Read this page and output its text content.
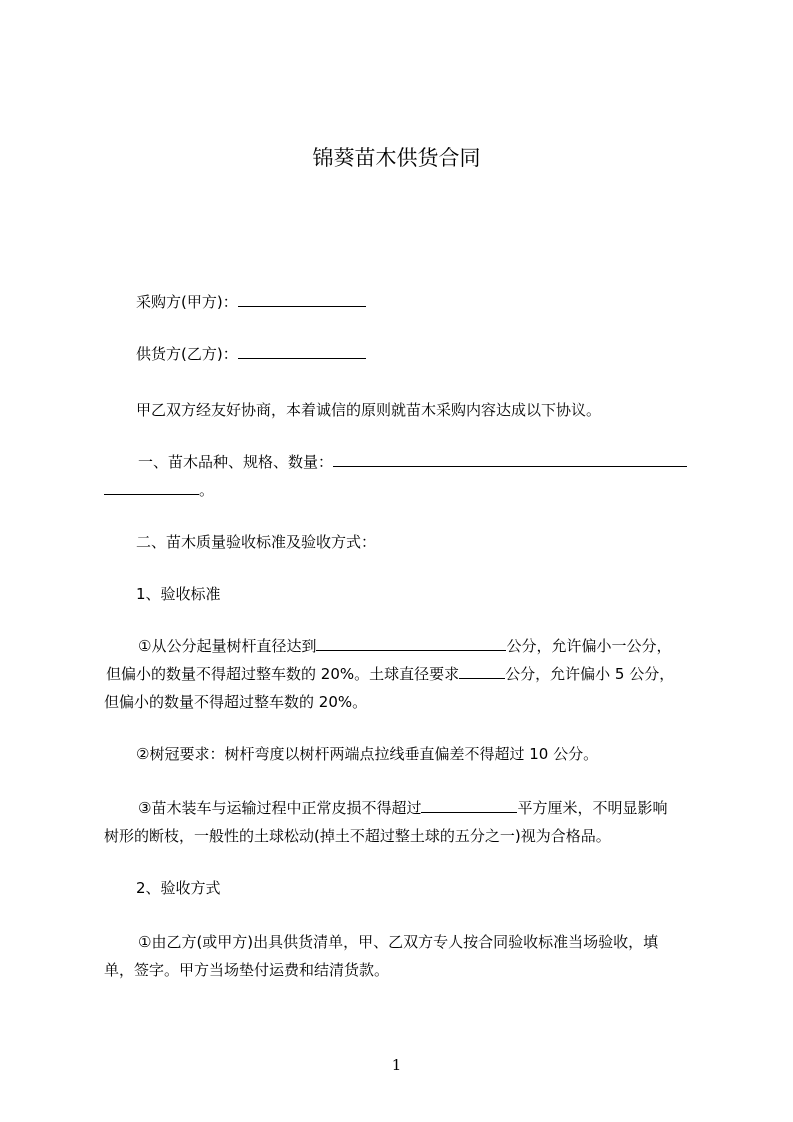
锦葵苗木供货合同
采购方(甲方)：
供货方(乙方)：
甲乙双方经友好协商，本着诚信的原则就苗木采购内容达成以下协议。
一、苗木品种、规格、数量：
。
二、苗木质量验收标准及验收方式：
1、验收标准
①从公分起量树杆直径达到	公分，允许偏小一公分，
但偏小的数量不得超过整车数的 20%。土球直径要求	公分，允许偏小 5 公分，
但偏小的数量不得超过整车数的 20%。
②树冠要求：树杆弯度以树杆两端点拉线垂直偏差不得超过 10 公分。
③苗木装车与运输过程中正常皮损不得超过	平方厘米，不明显影响
树形的断枝，一般性的土球松动(掉土不超过整土球的五分之一)视为合格品。
2、验收方式
①由乙方(或甲方)出具供货清单，甲、乙双方专人按合同验收标准当场验收，填
单，签字。甲方当场垫付运费和结清货款。
1
